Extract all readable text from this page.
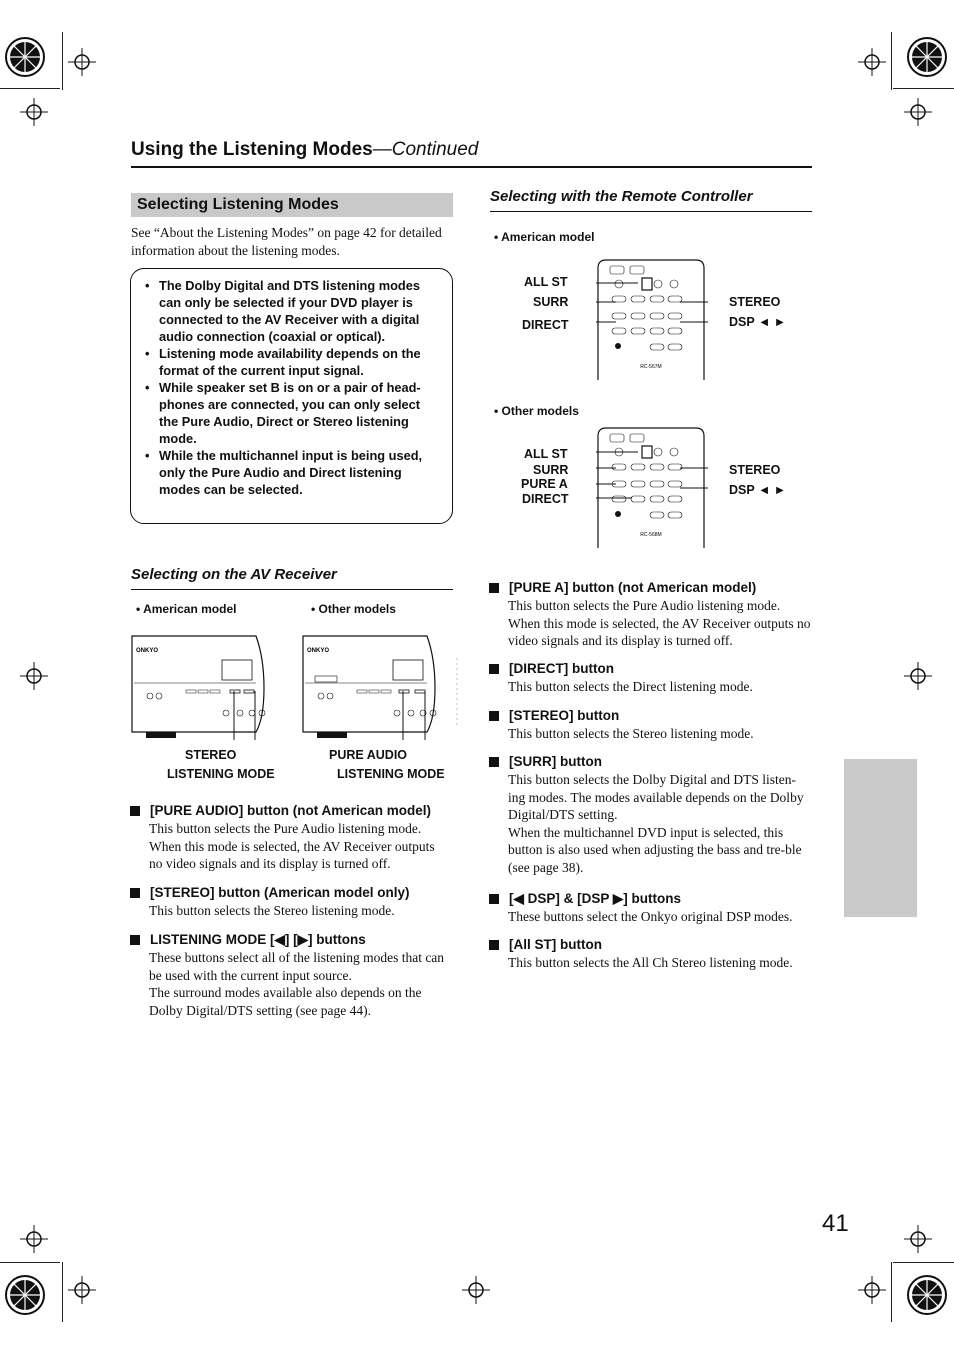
Using the Listening Modes—Continued
Selecting Listening Modes
See “About the Listening Modes” on page 42 for detailed information about the listening modes.
• The Dolby Digital and DTS listening modes can only be selected if your DVD player is connected to the AV Receiver with a digital audio connection (coaxial or optical).
• Listening mode availability depends on the format of the current input signal.
• While speaker set B is on or a pair of head-phones are connected, you can only select the Pure Audio, Direct or Stereo listening mode.
• While the multichannel input is being used, only the Pure Audio and Direct listening modes can be selected.
Selecting on the AV Receiver
• American model	• Other models
ONKYO	ONKYO
STEREO
LISTENING MODE
PURE AUDIO
LISTENING MODE
[PURE AUDIO] button (not American model)
This button selects the Pure Audio listening mode. When this mode is selected, the AV Receiver outputs no video signals and its display is turned off.
[STEREO] button (American model only)
This button selects the Stereo listening mode.
LISTENING MODE [◀] [▶] buttons
These buttons select all of the listening modes that can be used with the current input source.
The surround modes available also depends on the Dolby Digital/DTS setting (see page 44).
Selecting with the Remote Controller
• American model
RC-567M
ALL ST
SURR
DIRECT
STEREO
DSP ◄ ►
• Other models
RC-568M
ALL ST
SURR
PURE A
DIRECT
STEREO
DSP ◄ ►
[PURE A] button (not American model)
This button selects the Pure Audio listening mode. When this mode is selected, the AV Receiver outputs no video signals and its display is turned off.
[DIRECT] button
This button selects the Direct listening mode.
[STEREO] button
This button selects the Stereo listening mode.
[SURR] button
This button selects the Dolby Digital and DTS listen-ing modes. The modes available depends on the Dolby Digital/DTS setting.
When the multichannel DVD input is selected, this button is also used when adjusting the bass and tre-ble (see page 38).
[◀ DSP] & [DSP ▶] buttons
These buttons select the Onkyo original DSP modes.
[All ST] button
This button selects the All Ch Stereo listening mode.
41
